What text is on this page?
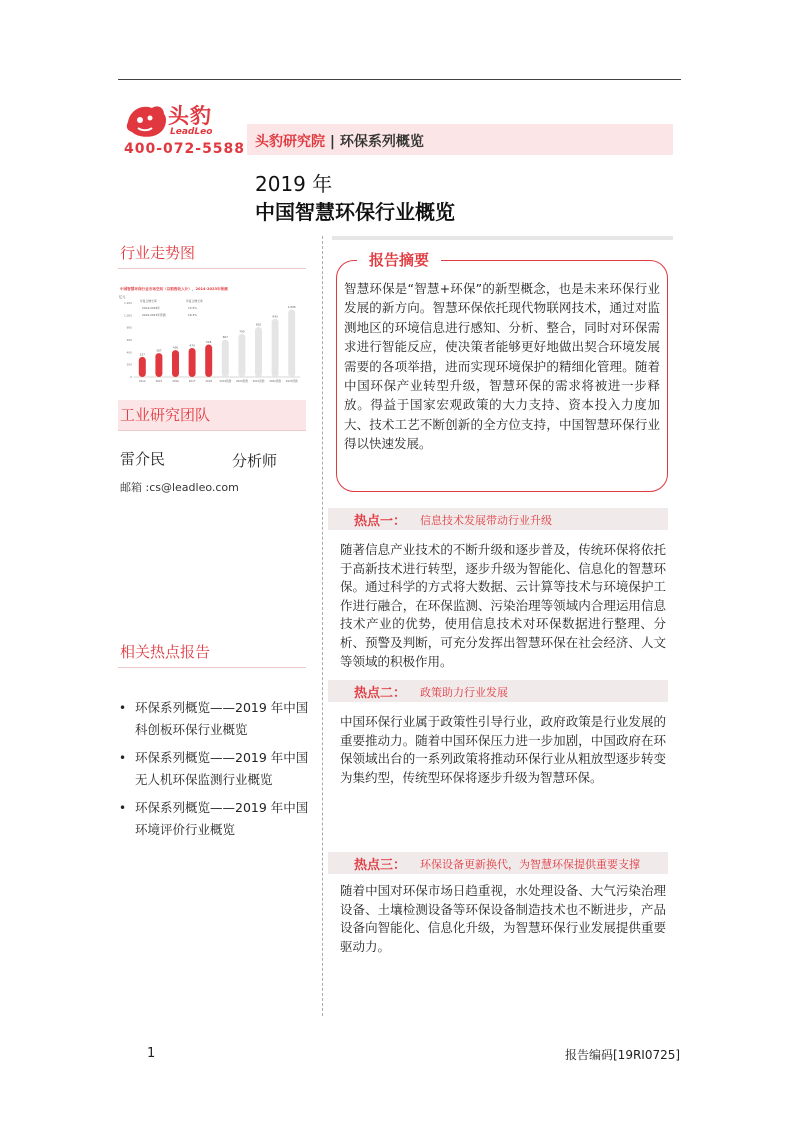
头豹
LeadLeo
400-072-5588 头豹研究院 | 环保系列概览
2019 年
中国智慧环保行业概览
行业走势图
中国智慧环保行业市场空间（以销售收入计），2014-2023年预测
亿元
0
200
400
600
800
1,000
1,200	年复合增长率	年复合增长率
2014-2018年	13.5%
2019-2023年预测	16.3%
327
2014
387
2015
436
2016
470
2017
528
2018
607
2019预测
700
2020预测
810
2021预测
943
2022预测
1,095
2023预测
工业研究团队
雷介民	分析师
邮箱 :cs@leadleo.com
相关热点报告
• 环保系列概览——2019 年中国科创板环保行业概览
• 环保系列概览——2019 年中国无人机环保监测行业概览
• 环保系列概览——2019 年中国环境评价行业概览
报告摘要
智慧环保是“智慧+环保”的新型概念，也是未来环保行业发展的新方向。智慧环保依托现代物联网技术，通过对监测地区的环境信息进行感知、分析、整合，同时对环保需求进行智能反应，使决策者能够更好地做出契合环境发展需要的各项举措，进而实现环境保护的精细化管理。随着中国环保产业转型升级，智慧环保的需求将被进一步释放。得益于国家宏观政策的大力支持、资本投入力度加大、技术工艺不断创新的全方位支持，中国智慧环保行业得以快速发展。
热点一： 信息技术发展带动行业升级
随著信息产业技术的不断升级和逐步普及，传统环保将依托于高新技术进行转型，逐步升级为智能化、信息化的智慧环保。通过科学的方式将大数据、云计算等技术与环境保护工作进行融合，在环保监测、污染治理等领域内合理运用信息技术产业的优势，使用信息技术对环保数据进行整理、分析、预警及判断，可充分发挥出智慧环保在社会经济、人文等领域的积极作用。
热点二： 政策助力行业发展
中国环保行业属于政策性引导行业，政府政策是行业发展的重要推动力。随着中国环保压力进一步加剧，中国政府在环保领域出台的一系列政策将推动环保行业从粗放型逐步转变为集约型，传统型环保将逐步升级为智慧环保。
热点三： 环保设备更新换代，为智慧环保提供重要支撑
随着中国对环保市场日趋重视，水处理设备、大气污染治理设备、土壤检测设备等环保设备制造技术也不断进步，产品设备向智能化、信息化升级，为智慧环保行业发展提供重要驱动力。
1	报告编码[19RI0725]
